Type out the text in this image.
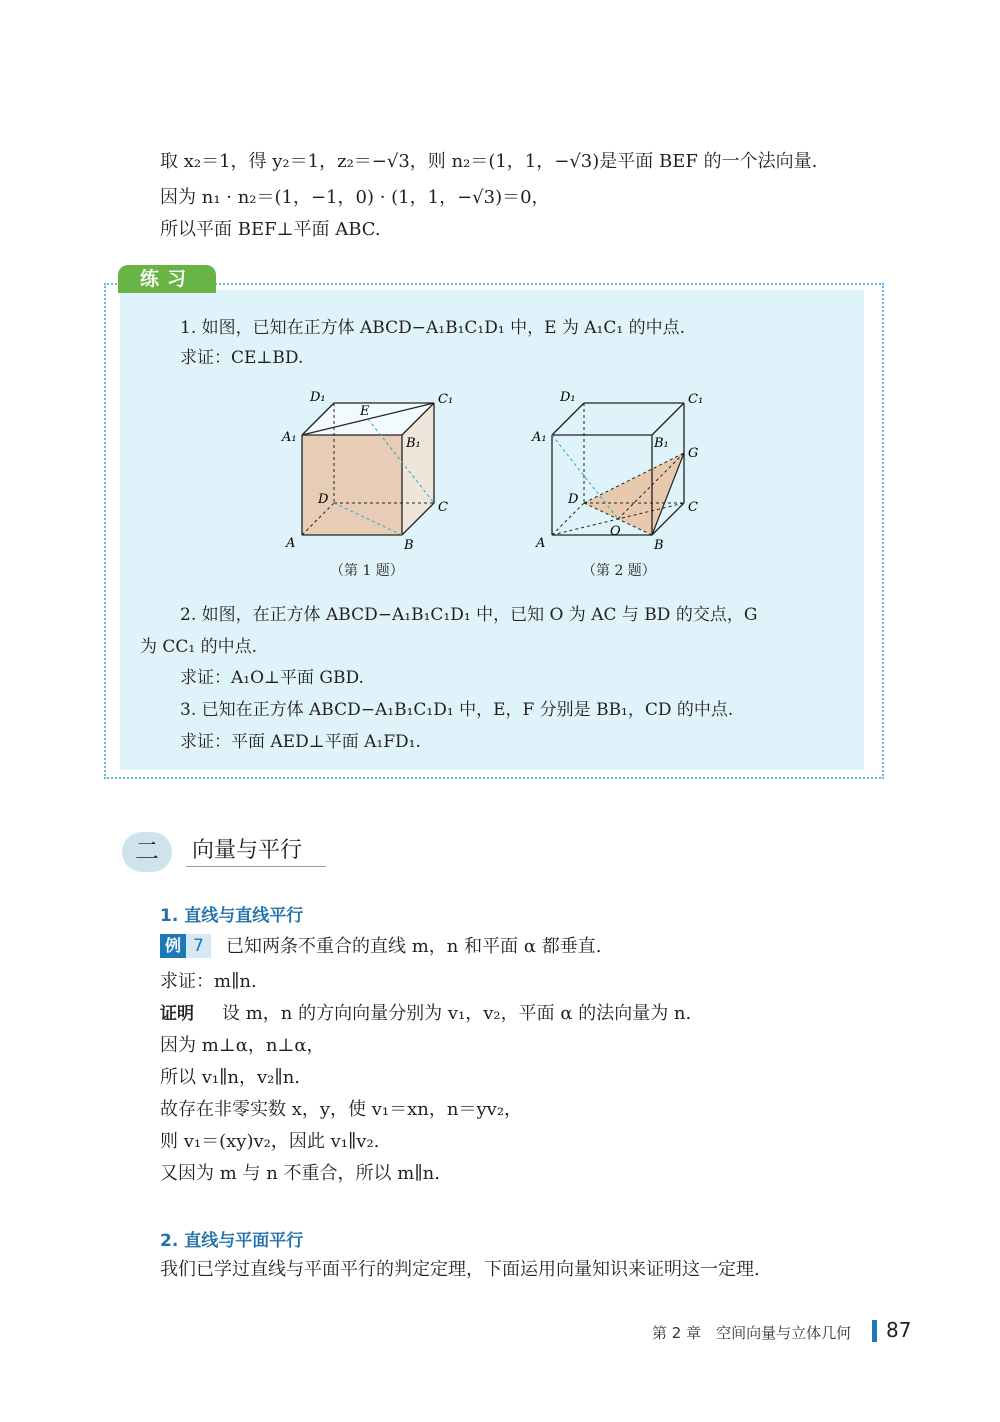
取 x₂＝1，得 y₂＝1，z₂＝−√3，则 n₂＝(1，1，−√3)是平面 BEF 的一个法向量.
因为 n₁ · n₂＝(1，−1，0) · (1，1，−√3)＝0，
所以平面 BEF⊥平面 ABC.
练习
1. 如图，已知在正方体 ABCD−A₁B₁C₁D₁ 中，E 为 A₁C₁ 的中点.
求证：CE⊥BD.
D₁	C₁
A₁	B₁
E
D
C
A	B
（第 1 题）
D₁	C₁
A₁	B₁
G
D
C
A	B
O
（第 2 题）
2. 如图，在正方体 ABCD−A₁B₁C₁D₁ 中，已知 O 为 AC 与 BD 的交点，G
为 CC₁ 的中点.
求证：A₁O⊥平面 GBD.
3. 已知在正方体 ABCD−A₁B₁C₁D₁ 中，E，F 分别是 BB₁，CD 的中点.
求证：平面 AED⊥平面 A₁FD₁.
二	向量与平行
1. 直线与直线平行
例 7	已知两条不重合的直线 m，n 和平面 α 都垂直.
求证：m∥n.
证明 设 m，n 的方向向量分别为 v₁，v₂，平面 α 的法向量为 n.
因为 m⊥α，n⊥α，
所以 v₁∥n，v₂∥n.
故存在非零实数 x，y，使 v₁＝xn，n＝yv₂，
则 v₁＝(xy)v₂，因此 v₁∥v₂.
又因为 m 与 n 不重合，所以 m∥n.
2. 直线与平面平行
我们已学过直线与平面平行的判定定理，下面运用向量知识来证明这一定理.
第 2 章　空间向量与立体几何 87
